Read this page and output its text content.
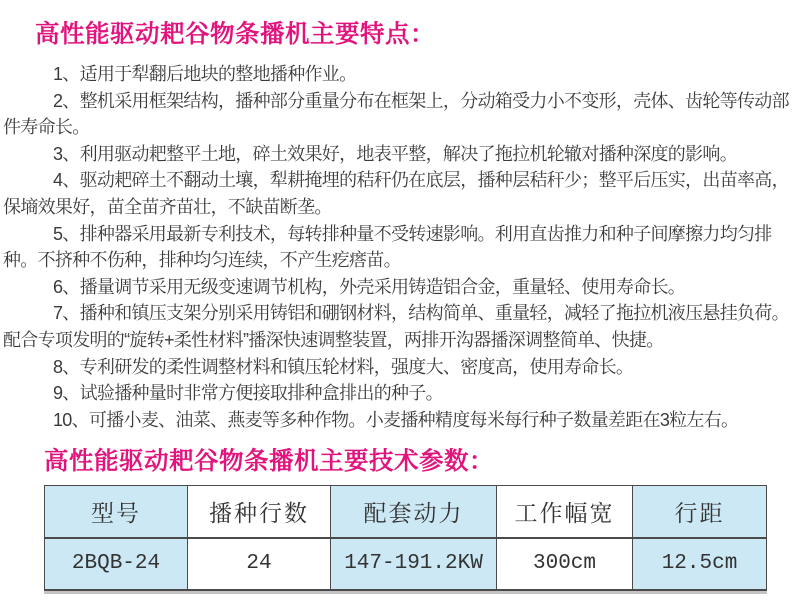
高性能驱动耙谷物条播机主要特点：

1、适用于犁翻后地块的整地播种作业。

2、整机采用框架结构，播种部分重量分布在框架上，分动箱受力小不变形，壳体、齿轮等传动部件寿命长。

3、利用驱动耙整平土地，碎土效果好，地表平整，解决了拖拉机轮辙对播种深度的影响。

4、驱动耙碎土不翻动土壤，犁耕掩埋的秸秆仍在底层，播种层秸秆少；整平后压实，出苗率高，保墒效果好，苗全苗齐苗壮，不缺苗断垄。

5、排种器采用最新专利技术，每转排种量不受转速影响。利用直齿推力和种子间摩擦力均匀排种。不挤种不伤种，排种均匀连续，不产生疙瘩苗。

6、播量调节采用无级变速调节机构，外壳采用铸造铝合金，重量轻、使用寿命长。

7、播种和镇压支架分别采用铸铝和硼钢材料，结构简单、重量轻，减轻了拖拉机液压悬挂负荷。配合专项发明的“旋转+柔性材料”播深快速调整装置，两排开沟器播深调整简单、快捷。

8、专利研发的柔性调整材料和镇压轮材料，强度大、密度高，使用寿命长。

9、试验播种量时非常方便接取排种盒排出的种子。

10、可播小麦、油菜、燕麦等多种作物。小麦播种精度每米每行种子数量差距在3粒左右。

高性能驱动耙谷物条播机主要技术参数：
型号	播种行数	配套动力	工作幅宽	行距
2BQB-24	24	147-191.2KW	300cm	12.5cm
